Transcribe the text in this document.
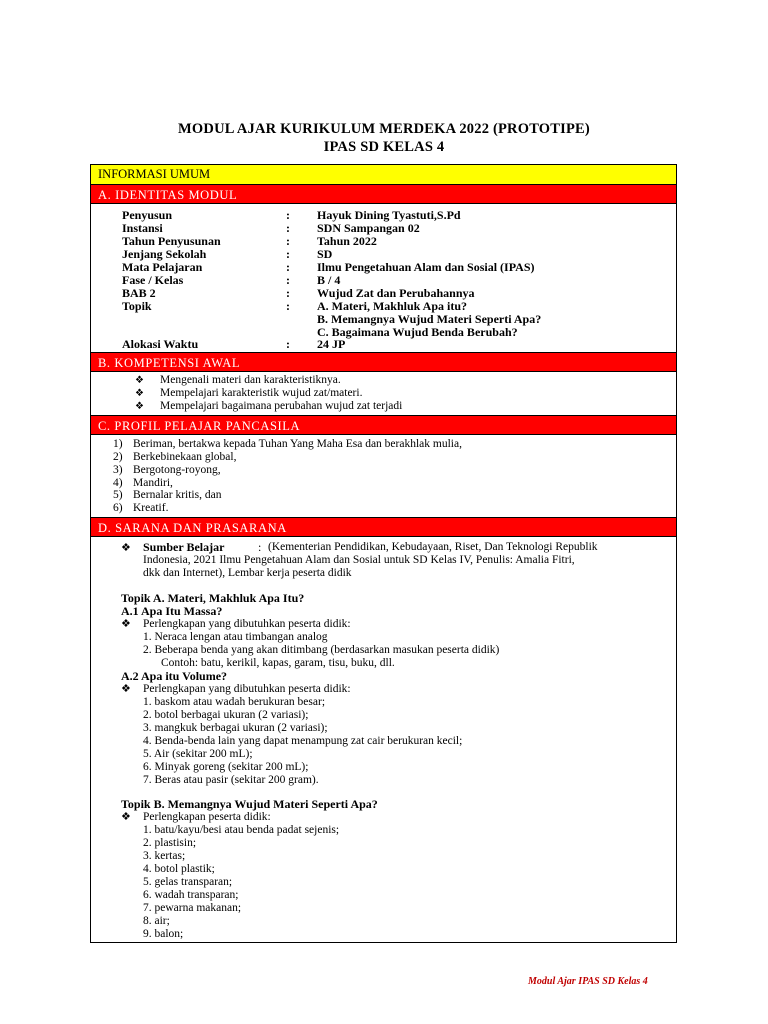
MODUL AJAR KURIKULUM MERDEKA 2022 (PROTOTIPE)
IPAS SD KELAS 4
INFORMASI UMUM
A. IDENTITAS MODUL
Penyusun	: Hayuk Dining Tyastuti,S.Pd
Instansi	: SDN Sampangan 02
Tahun Penyusunan	: Tahun 2022
Jenjang Sekolah	: SD
Mata Pelajaran	: Ilmu Pengetahuan Alam dan Sosial (IPAS)
Fase / Kelas	: B / 4
BAB 2	: Wujud Zat dan Perubahannya
Topik	: A. Materi, Makhluk Apa itu?
B. Memangnya Wujud Materi Seperti Apa?
C. Bagaimana Wujud Benda Berubah?
Alokasi Waktu	: 24 JP
B. KOMPETENSI AWAL
❖ Mengenali materi dan karakteristiknya.
❖ Mempelajari karakteristik wujud zat/materi.
❖ Mempelajari bagaimana perubahan wujud zat terjadi
C. PROFIL PELAJAR PANCASILA
1) Beriman, bertakwa kepada Tuhan Yang Maha Esa dan berakhlak mulia,
2) Berkebinekaan global,
3) Bergotong-royong,
4) Mandiri,
5) Bernalar kritis, dan
6) Kreatif.
D. SARANA DAN PRASARANA
❖ Sumber Belajar	: (Kementerian Pendidikan, Kebudayaan, Riset, Dan Teknologi Republik
Indonesia, 2021 Ilmu Pengetahuan Alam dan Sosial untuk SD Kelas IV, Penulis: Amalia Fitri,
dkk dan Internet), Lembar kerja peserta didik
Topik A. Materi, Makhluk Apa Itu?
A.1 Apa Itu Massa?
❖ Perlengkapan yang dibutuhkan peserta didik:
1. Neraca lengan atau timbangan analog
2. Beberapa benda yang akan ditimbang (berdasarkan masukan peserta didik)
Contoh: batu, kerikil, kapas, garam, tisu, buku, dll.
A.2 Apa itu Volume?
❖ Perlengkapan yang dibutuhkan peserta didik:
1. baskom atau wadah berukuran besar;
2. botol berbagai ukuran (2 variasi);
3. mangkuk berbagai ukuran (2 variasi);
4. Benda-benda lain yang dapat menampung zat cair berukuran kecil;
5. Air (sekitar 200 mL);
6. Minyak goreng (sekitar 200 mL);
7. Beras atau pasir (sekitar 200 gram).
Topik B. Memangnya Wujud Materi Seperti Apa?
❖ Perlengkapan peserta didik:
1. batu/kayu/besi atau benda padat sejenis;
2. plastisin;
3. kertas;
4. botol plastik;
5. gelas transparan;
6. wadah transparan;
7. pewarna makanan;
8. air;
9. balon;
Modul Ajar IPAS SD Kelas 4
